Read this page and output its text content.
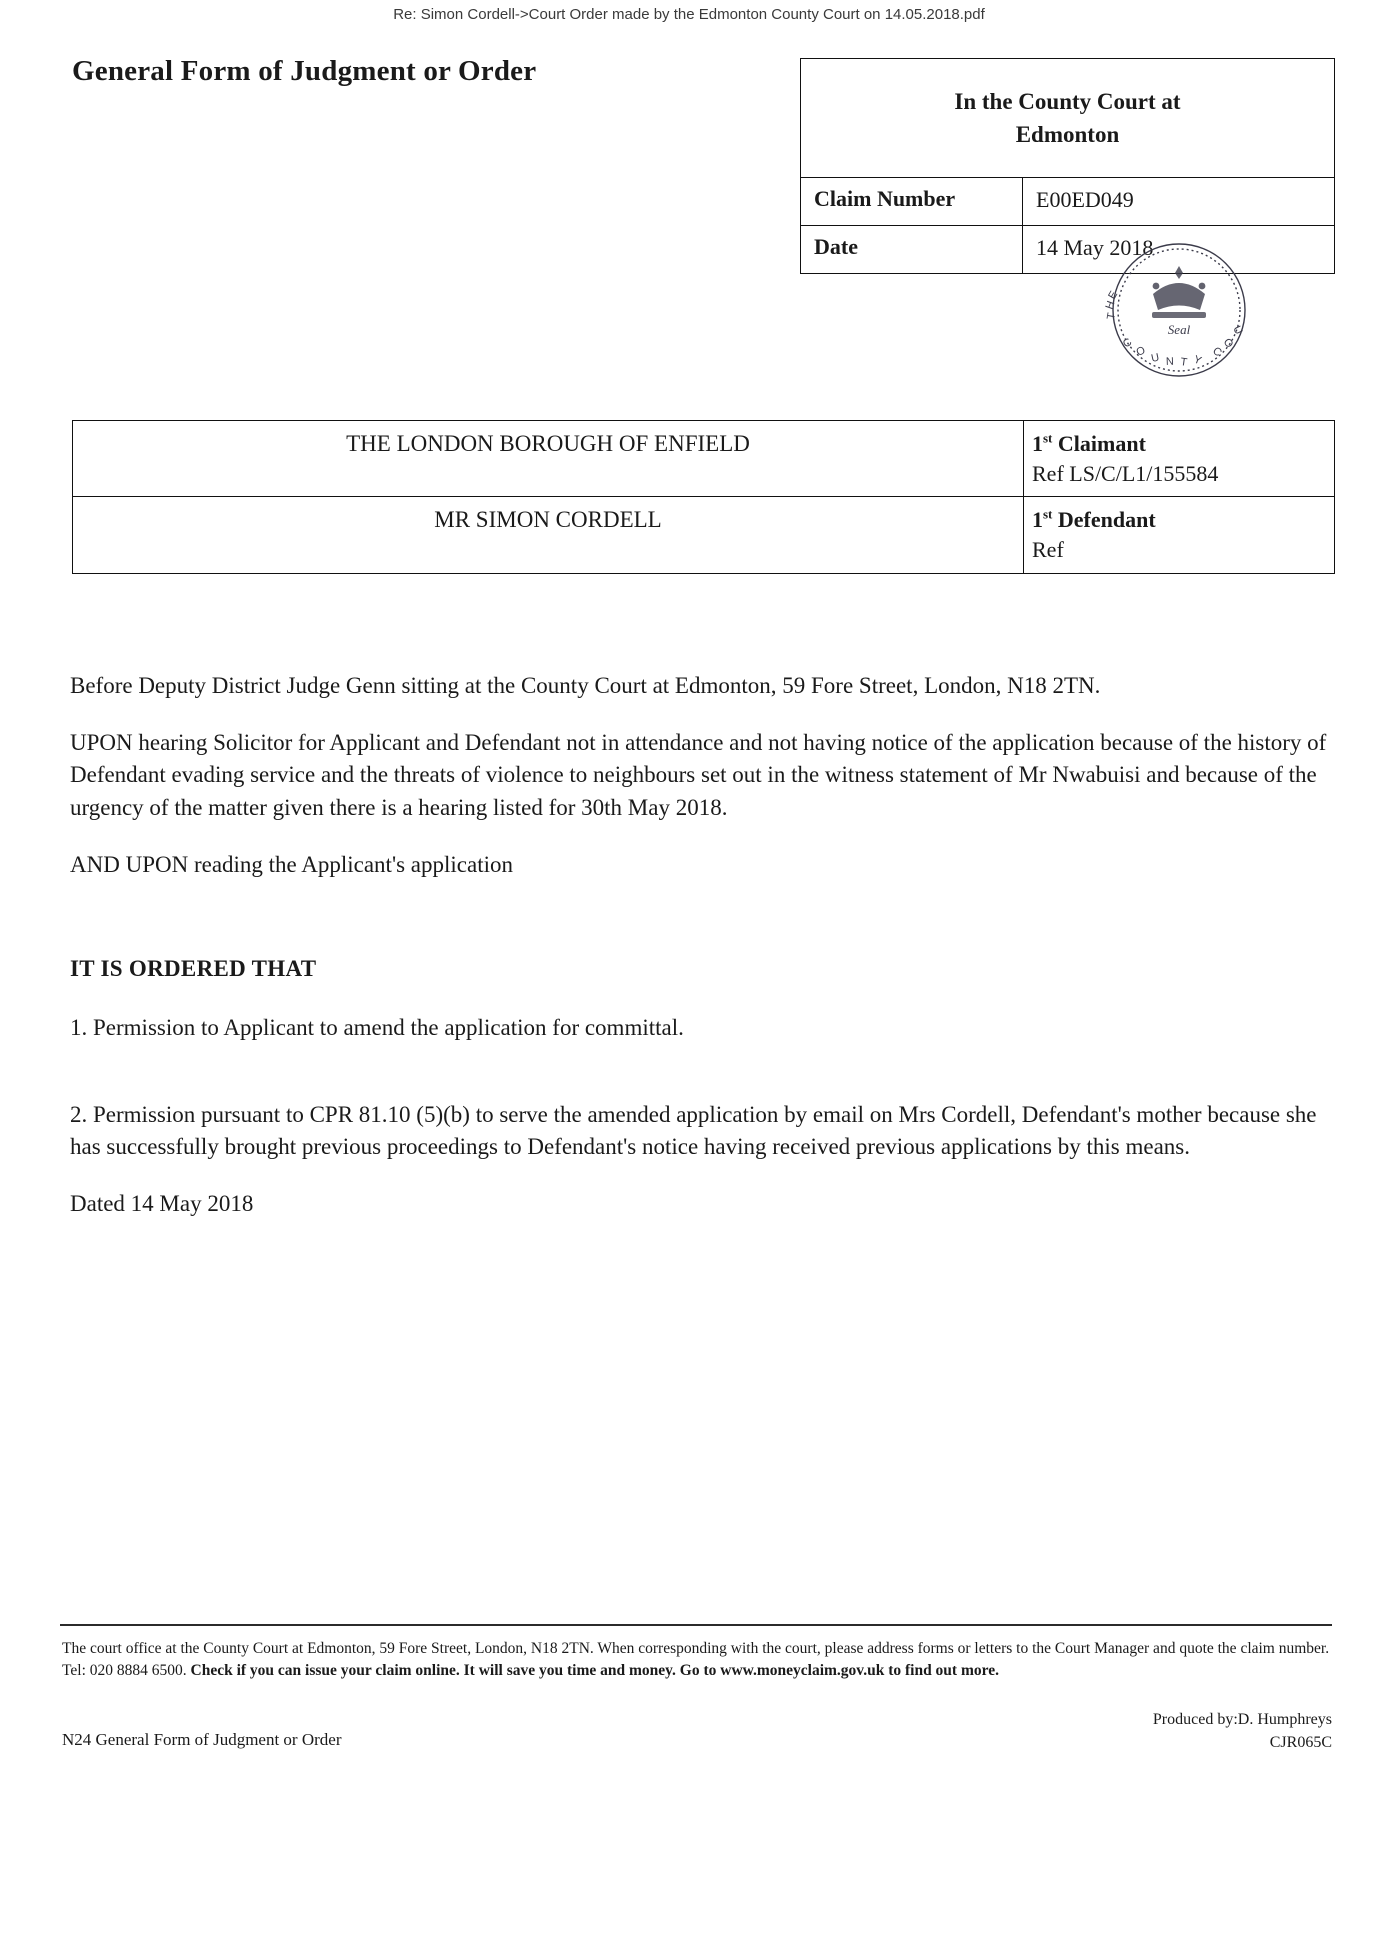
Re: Simon Cordell->Court Order made by the Edmonton County Court on 14.05.2018.pdf
General Form of Judgment or Order
In the County Court at
Edmonton
Claim Number	E00ED049
Date	14 May 2018
Seal
T
H
E
C
O U N T Y
C
O
U
THE LONDON BOROUGH OF ENFIELD	1st Claimant
Ref LS/C/L1/155584
MR SIMON CORDELL	1st Defendant
Ref

Before Deputy District Judge Genn sitting at the County Court at Edmonton, 59 Fore Street, London, N18 2TN.

UPON hearing Solicitor for Applicant and Defendant not in attendance and not having notice of the application because of the history of Defendant evading service and the threats of violence to neighbours set out in the witness statement of Mr Nwabuisi and because of the urgency of the matter given there is a hearing listed for 30th May 2018.

AND UPON reading the Applicant's application

IT IS ORDERED THAT

1. Permission to Applicant to amend the application for committal.

2. Permission pursuant to CPR 81.10 (5)(b) to serve the amended application by email on Mrs Cordell, Defendant's mother because she has successfully brought previous proceedings to Defendant's notice having received previous applications by this means.

Dated 14 May 2018

The court office at the County Court at Edmonton, 59 Fore Street, London, N18 2TN. When corresponding with the court, please address forms or letters to the Court Manager and quote the claim number. Tel: 020 8884 6500. Check if you can issue your claim online. It will save you time and money. Go to www.moneyclaim.gov.uk to find out more.
N24 General Form of Judgment or Order
Produced by:D. Humphreys
CJR065C
